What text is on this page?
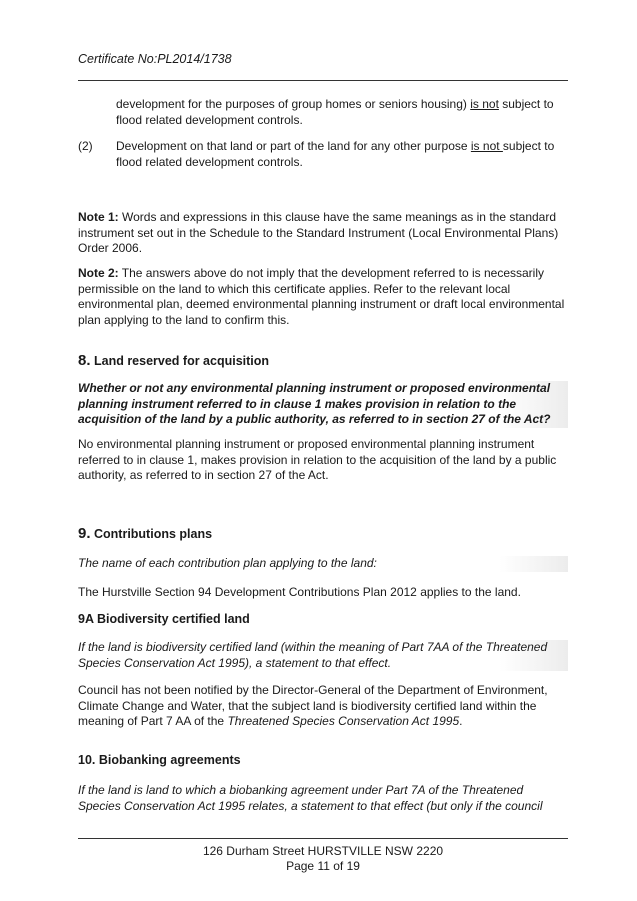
Certificate No:PL2014/1738
development for the purposes of group homes or seniors housing) is not subject to flood related development controls.
(2) Development on that land or part of the land for any other purpose is not subject to flood related development controls.
Note 1: Words and expressions in this clause have the same meanings as in the standard instrument set out in the Schedule to the Standard Instrument (Local Environmental Plans) Order 2006.
Note 2: The answers above do not imply that the development referred to is necessarily permissible on the land to which this certificate applies. Refer to the relevant local environmental plan, deemed environmental planning instrument or draft local environmental plan applying to the land to confirm this.
8. Land reserved for acquisition
Whether or not any environmental planning instrument or proposed environmental planning instrument referred to in clause 1 makes provision in relation to the acquisition of the land by a public authority, as referred to in section 27 of the Act?
No environmental planning instrument or proposed environmental planning instrument referred to in clause 1, makes provision in relation to the acquisition of the land by a public authority, as referred to in section 27 of the Act.
9. Contributions plans
The name of each contribution plan applying to the land:
The Hurstville Section 94 Development Contributions Plan 2012 applies to the land.
9A Biodiversity certified land
If the land is biodiversity certified land (within the meaning of Part 7AA of the Threatened Species Conservation Act 1995), a statement to that effect.
Council has not been notified by the Director-General of the Department of Environment, Climate Change and Water, that the subject land is biodiversity certified land within the meaning of Part 7 AA of the Threatened Species Conservation Act 1995.
10. Biobanking agreements
If the land is land to which a biobanking agreement under Part 7A of the Threatened Species Conservation Act 1995 relates, a statement to that effect (but only if the council
126 Durham Street HURSTVILLE NSW 2220
Page 11 of 19
